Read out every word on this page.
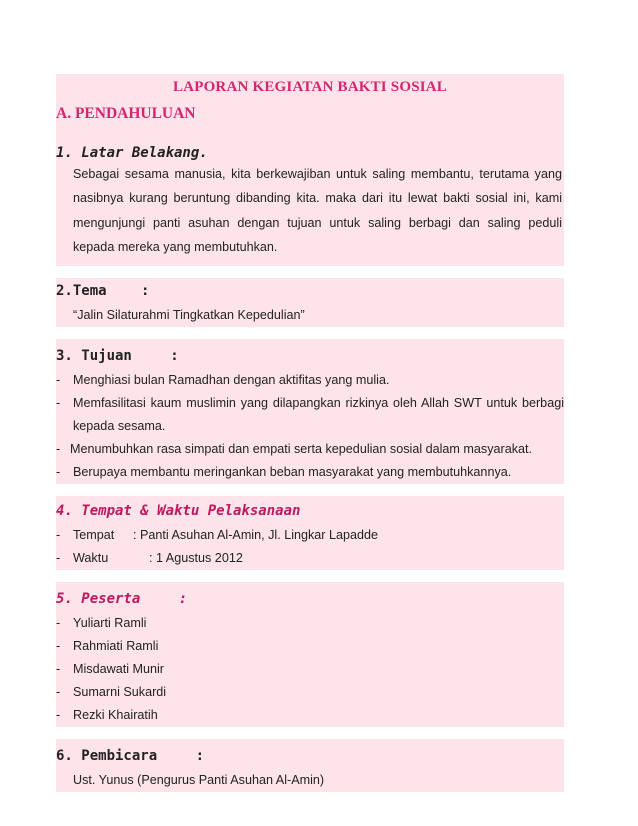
LAPORAN KEGIATAN BAKTI SOSIAL
A. PENDAHULUAN
1. Latar Belakang.
Sebagai sesama manusia, kita berkewajiban untuk saling membantu, terutama yang nasibnya kurang beruntung dibanding kita. maka dari itu lewat bakti sosial ini, kami mengunjungi panti asuhan dengan tujuan untuk saling berbagi dan saling peduli kepada mereka yang membutuhkan.
2.Tema :
“Jalin Silaturahmi Tingkatkan Kepedulian”
3. Tujuan	:
- Menghiasi bulan Ramadhan dengan aktifitas yang mulia.
- Memfasilitasi kaum muslimin yang dilapangkan rizkinya oleh Allah SWT untuk berbagi
kepada sesama.
- Menumbuhkan rasa simpati dan empati serta kepedulian sosial dalam masyarakat.
- Berupaya membantu meringankan beban masyarakat yang membutuhkannya.
4. Tempat & Waktu Pelaksanaan
- Tempat : Panti Asuhan Al-Amin, Jl. Lingkar Lapadde
- Waktu	: 1 Agustus 2012
5. Peserta	:
- Yuliarti Ramli
- Rahmiati Ramli
- Misdawati Munir
- Sumarni Sukardi
- Rezki Khairatih
6. Pembicara	:
Ust. Yunus (Pengurus Panti Asuhan Al-Amin)
